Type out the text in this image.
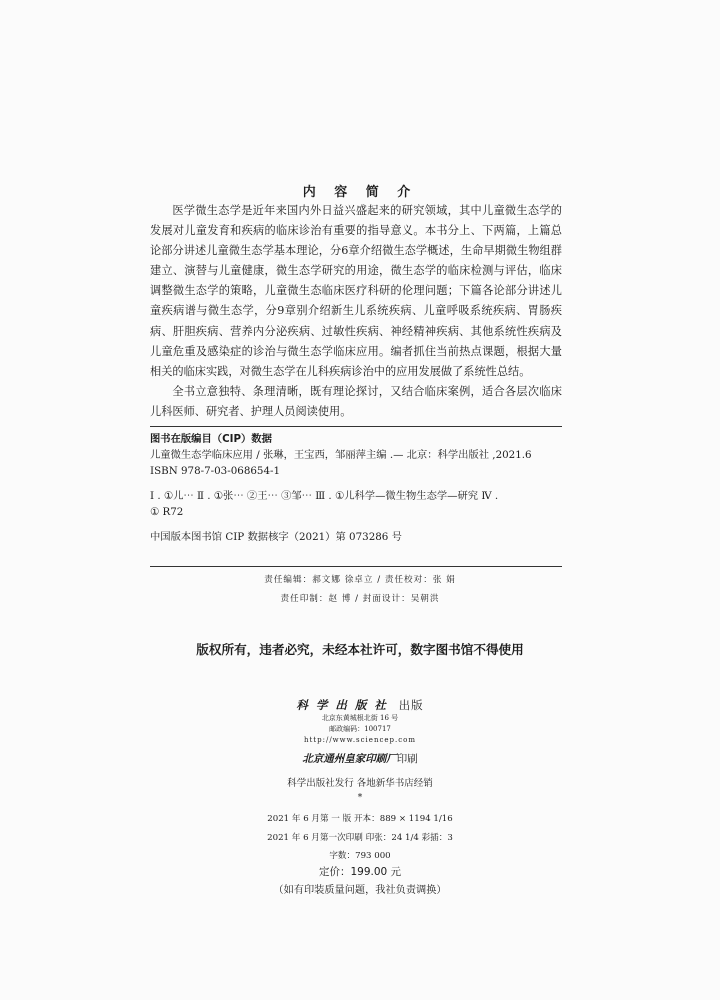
内 容 简 介

医学微生态学是近年来国内外日益兴盛起来的研究领域，其中儿童微生态学的发展对儿童发育和疾病的临床诊治有重要的指导意义。本书分上、下两篇，上篇总论部分讲述儿童微生态学基本理论，分6章介绍微生态学概述，生命早期微生物组群建立、演替与儿童健康，微生态学研究的用途，微生态学的临床检测与评估，临床调整微生态学的策略，儿童微生态临床医疗科研的伦理问题；下篇各论部分讲述儿童疾病谱与微生态学，分9章别介绍新生儿系统疾病、儿童呼吸系统疾病、胃肠疾病、肝胆疾病、营养内分泌疾病、过敏性疾病、神经精神疾病、其他系统性疾病及儿童危重及感染症的诊治与微生态学临床应用。编者抓住当前热点课题，根据大量相关的临床实践，对微生态学在儿科疾病诊治中的应用发展做了系统性总结。

全书立意独特、条理清晰，既有理论探讨，又结合临床案例，适合各层次临床儿科医师、研究者、护理人员阅读使用。

图书在版编目（CIP）数据
儿童微生态学临床应用 / 张琳，王宝西，邹丽萍主编 .— 北京：科学出版社 ,2021.6
ISBN 978-7-03-068654-1
Ⅰ . ①儿⋯ Ⅱ . ①张⋯ ②王⋯ ③邹⋯ Ⅲ . ①儿科学—微生物生态学—研究 Ⅳ .
① R72
中国版本图书馆 CIP 数据核字（2021）第 073286 号
责任编辑：郝文娜 徐卓立 / 责任校对：张 娟
责任印制：赵 博 / 封面设计：吴朝洪
版权所有，违者必究，未经本社许可，数字图书馆不得使用
科学出版社 出版
北京东黄城根北街 16 号
邮政编码：100717
http://www.sciencep.com
北京通州皇家印刷厂印刷
科学出版社发行 各地新华书店经销
*
2021 年 6 月第 一 版 开本：889 × 1194 1/16
2021 年 6 月第一次印刷 印张：24 1/4 彩插：3
字数：793 000
定价：199.00 元
（如有印装质量问题，我社负责调换）
